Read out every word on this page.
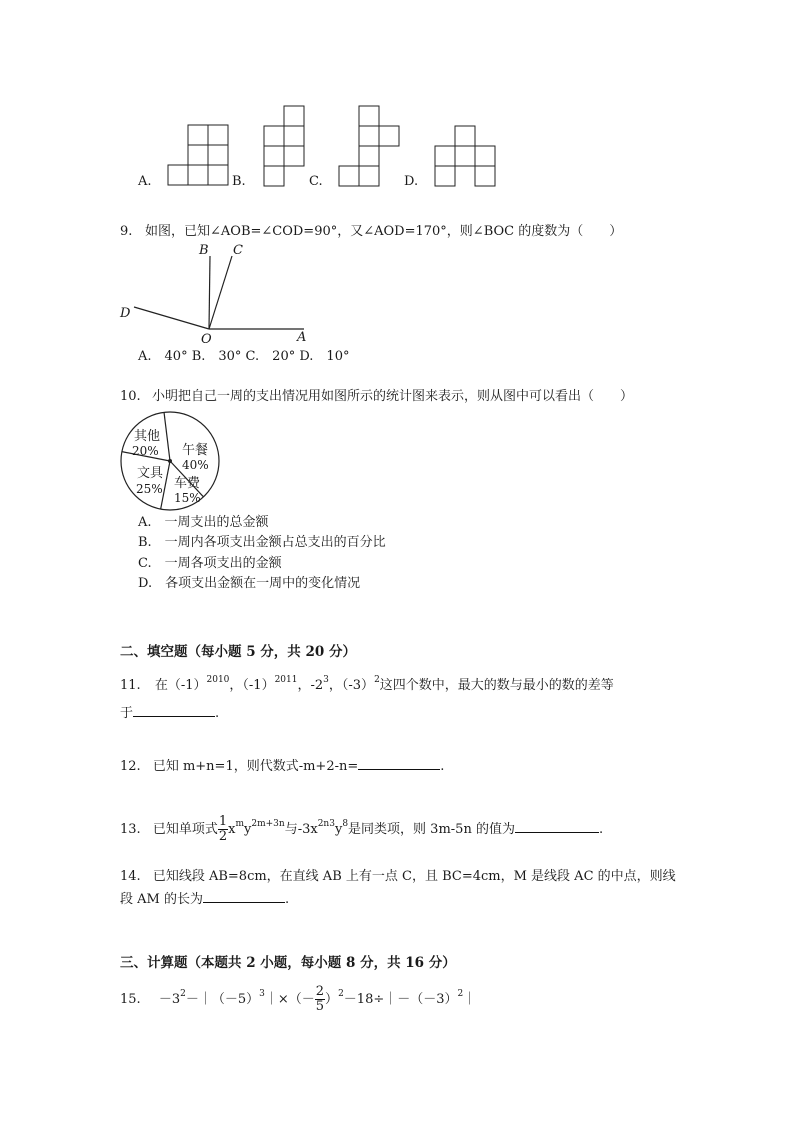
A.	B.	C.	D.
9. 如图，已知∠AOB=∠COD=90°，又∠AOD=170°，则∠BOC 的度数为（　　）
B C
D
O	A
A.　40° B.　30° C.　20° D.　10°
10. 小明把自己一周的支出情况用如图所示的统计图来表示，则从图中可以看出（　　）
其他
20% 午餐
40%
文具
25% 车费
15%
A.　一周支出的总金额
B.　一周内各项支出金额占总支出的百分比
C.　一周各项支出的金额
D.　各项支出金额在一周中的变化情况
二、填空题（每小题 5 分，共 20 分）
11. 在$(-1)^{2010}$，$(-1)^{2011}$，$-2^3$，$(-3)^2$这四个数中，最大的数与最小的数的差等
于	.
12. 已知 m+n=1，则代数式-m+2-n=	.
13. 已知单项式 $\frac{1}{2} x^my^{2m+3n}$与$-3x^{2n3}y^8$是同类项，则 3m-5n 的值为	.
14. 已知线段 AB=8cm，在直线 AB 上有一点 C，且 BC=4cm，M 是线段 AC 的中点，则线
段 AM 的长为	.
三、计算题（本题共 2 小题，每小题 8 分，共 16 分）
15. $-3^2-|(-5)^3|\times(- \frac{2}{5}$ ）$^2-18\div|-(-3)^2|$
